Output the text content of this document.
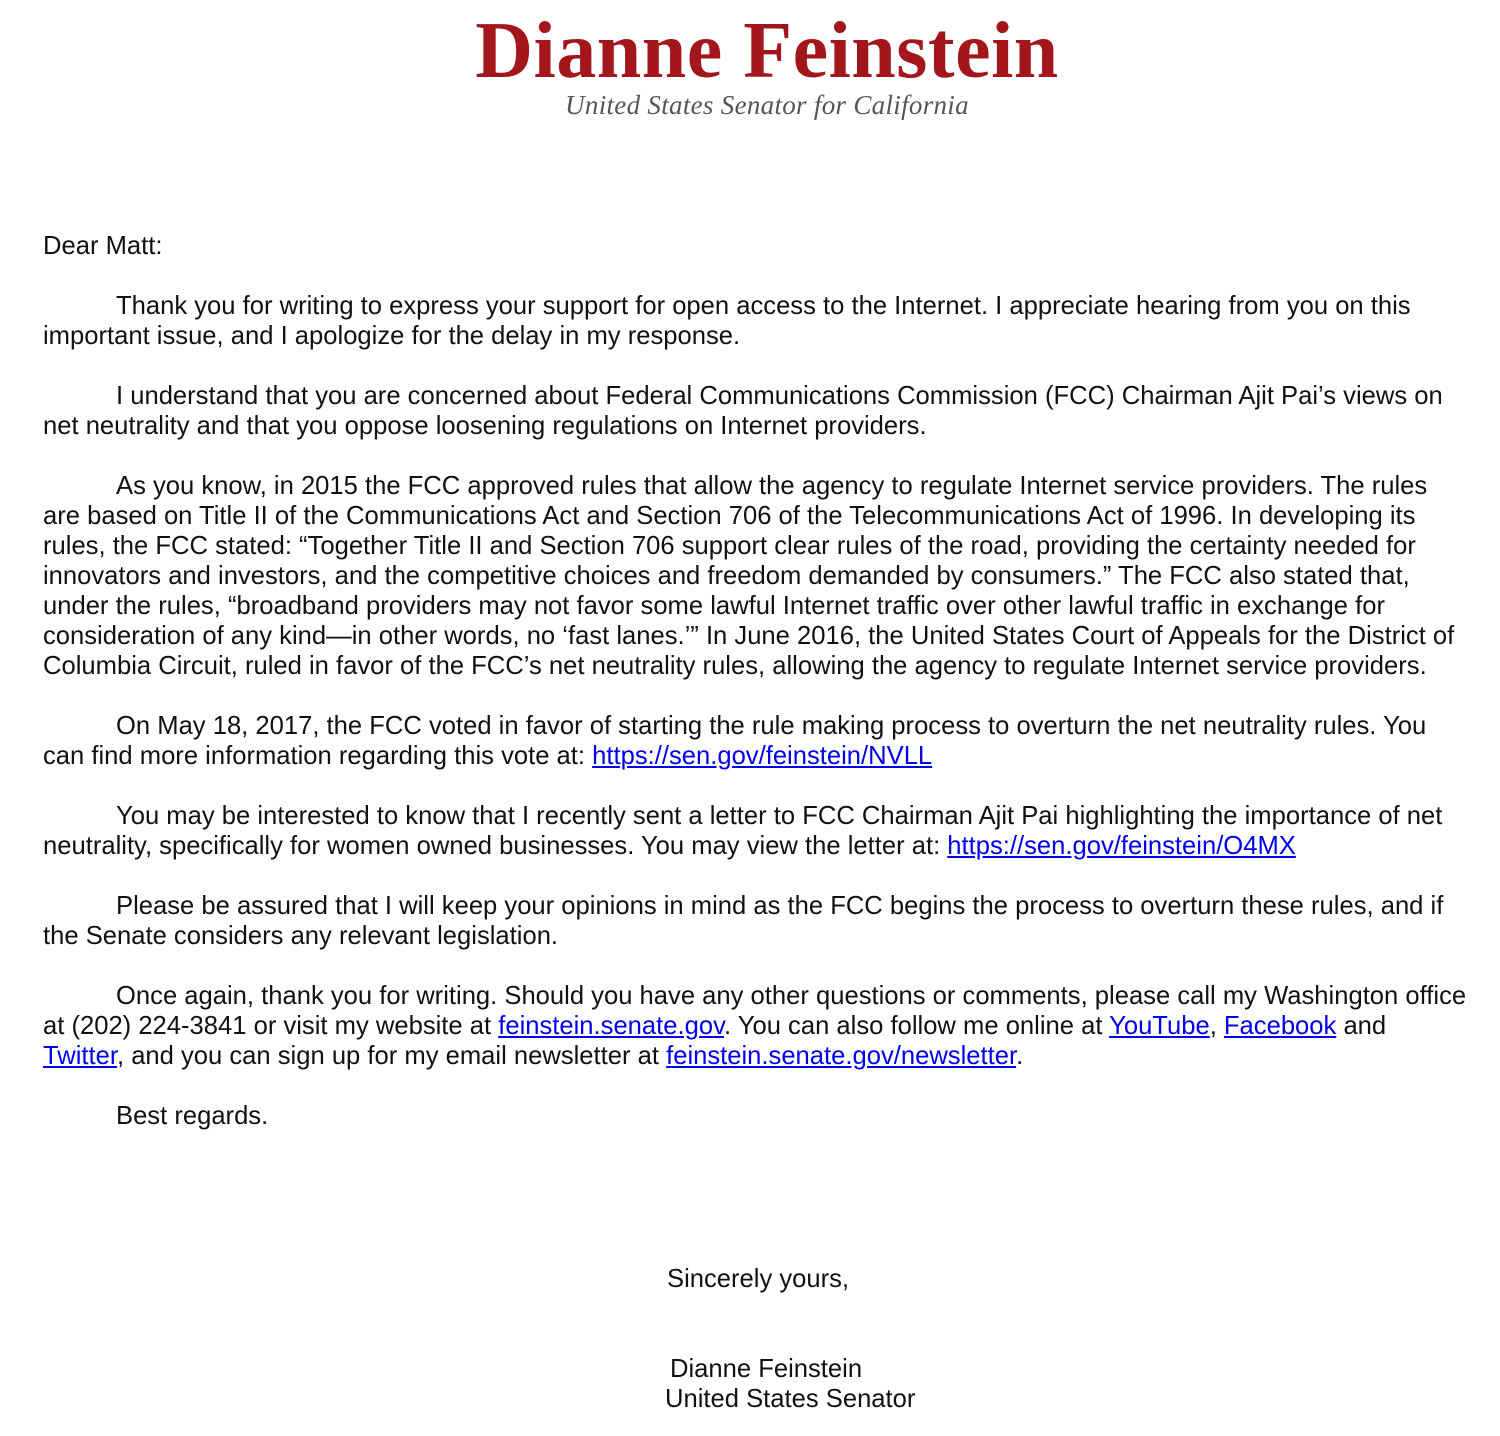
Dianne Feinstein
United States Senator for California

Dear Matt:

Thank you for writing to express your support for open access to the Internet. I appreciate hearing from you on this important issue, and I apologize for the delay in my response.

I understand that you are concerned about Federal Communications Commission (FCC) Chairman Ajit Pai’s views on net neutrality and that you oppose loosening regulations on Internet providers.

As you know, in 2015 the FCC approved rules that allow the agency to regulate Internet service providers. The rules are based on Title II of the Communications Act and Section 706 of the Telecommunications Act of 1996. In developing its rules, the FCC stated: “Together Title II and Section 706 support clear rules of the road, providing the certainty needed for innovators and investors, and the competitive choices and freedom demanded by consumers.” The FCC also stated that, under the rules, “broadband providers may not favor some lawful Internet traffic over other lawful traffic in exchange for consideration of any kind—in other words, no ‘fast lanes.’” In June 2016, the United States Court of Appeals for the District of Columbia Circuit, ruled in favor of the FCC’s net neutrality rules, allowing the agency to regulate Internet service providers.

On May 18, 2017, the FCC voted in favor of starting the rule making process to overturn the net neutrality rules. You can find more information regarding this vote at: https://sen.gov/feinstein/NVLL

You may be interested to know that I recently sent a letter to FCC Chairman Ajit Pai highlighting the importance of net neutrality, specifically for women owned businesses. You may view the letter at: https://sen.gov/feinstein/O4MX

Please be assured that I will keep your opinions in mind as the FCC begins the process to overturn these rules, and if the Senate considers any relevant legislation.

Once again, thank you for writing. Should you have any other questions or comments, please call my Washington office at (202) 224-3841 or visit my website at feinstein.senate.gov. You can also follow me online at YouTube, Facebook and Twitter, and you can sign up for my email newsletter at feinstein.senate.gov/newsletter.

Best regards.

Sincerely yours,
Dianne Feinstein
United States Senator
